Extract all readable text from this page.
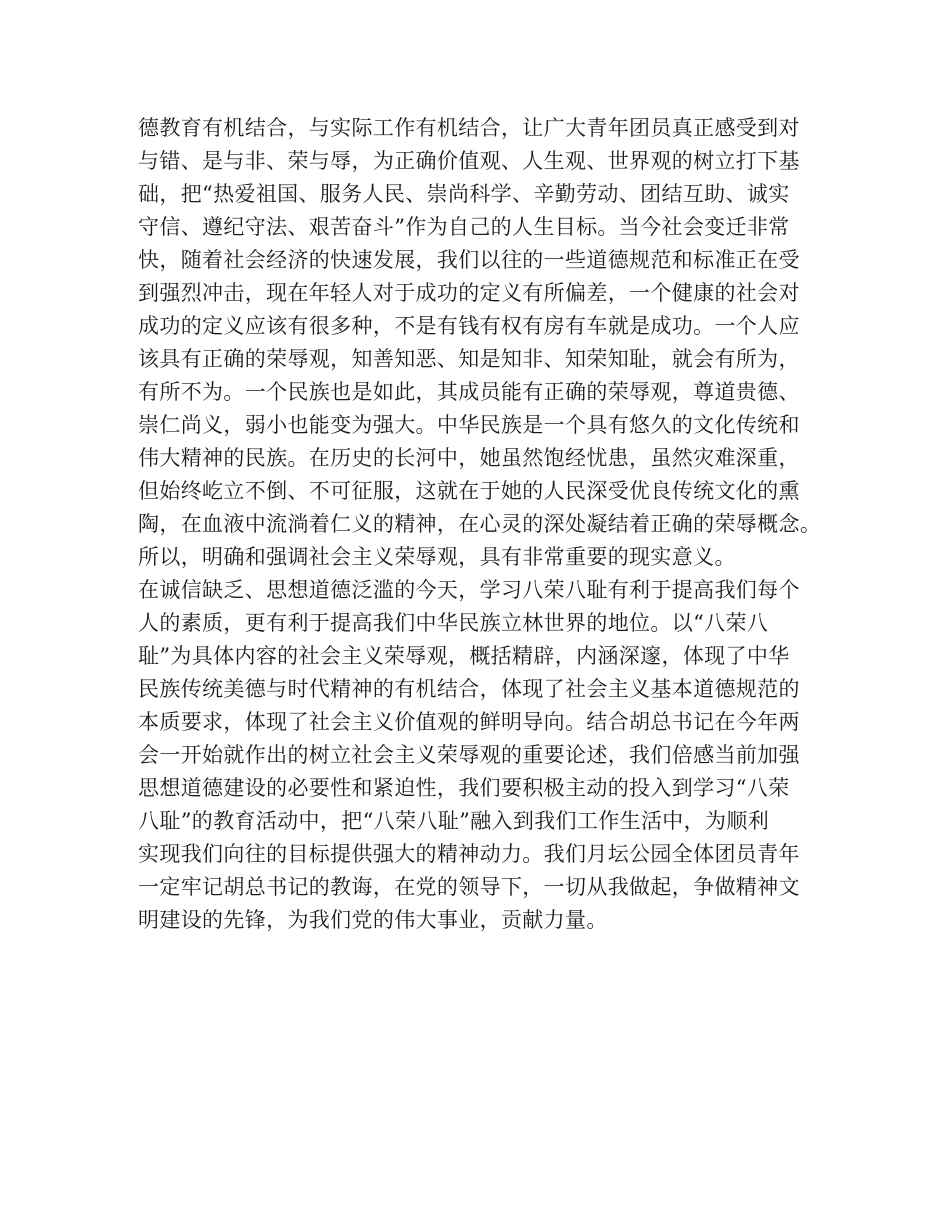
德教育有机结合，与实际工作有机结合，让广大青年团员真正感受到对
与错、是与非、荣与辱，为正确价值观、人生观、世界观的树立打下基
础，把“热爱祖国、服务人民、崇尚科学、辛勤劳动、团结互助、诚实
守信、遵纪守法、艰苦奋斗”作为自己的人生目标。当今社会变迁非常
快，随着社会经济的快速发展，我们以往的一些道德规范和标准正在受
到强烈冲击，现在年轻人对于成功的定义有所偏差，一个健康的社会对
成功的定义应该有很多种，不是有钱有权有房有车就是成功。一个人应
该具有正确的荣辱观，知善知恶、知是知非、知荣知耻，就会有所为，
有所不为。一个民族也是如此，其成员能有正确的荣辱观，尊道贵德、
崇仁尚义，弱小也能变为强大。中华民族是一个具有悠久的文化传统和
伟大精神的民族。在历史的长河中，她虽然饱经忧患，虽然灾难深重，
但始终屹立不倒、不可征服，这就在于她的人民深受优良传统文化的熏
陶，在血液中流淌着仁义的精神，在心灵的深处凝结着正确的荣辱概念。
所以，明确和强调社会主义荣辱观，具有非常重要的现实意义。
在诚信缺乏、思想道德泛滥的今天，学习八荣八耻有利于提高我们每个
人的素质，更有利于提高我们中华民族立林世界的地位。以“八荣八
耻”为具体内容的社会主义荣辱观，概括精辟，内涵深邃，体现了中华
民族传统美德与时代精神的有机结合，体现了社会主义基本道德规范的
本质要求，体现了社会主义价值观的鲜明导向。结合胡总书记在今年两
会一开始就作出的树立社会主义荣辱观的重要论述，我们倍感当前加强
思想道德建设的必要性和紧迫性，我们要积极主动的投入到学习“八荣
八耻”的教育活动中，把“八荣八耻”融入到我们工作生活中，为顺利
实现我们向往的目标提供强大的精神动力。我们月坛公园全体团员青年
一定牢记胡总书记的教诲，在党的领导下，一切从我做起，争做精神文
明建设的先锋，为我们党的伟大事业，贡献力量。
